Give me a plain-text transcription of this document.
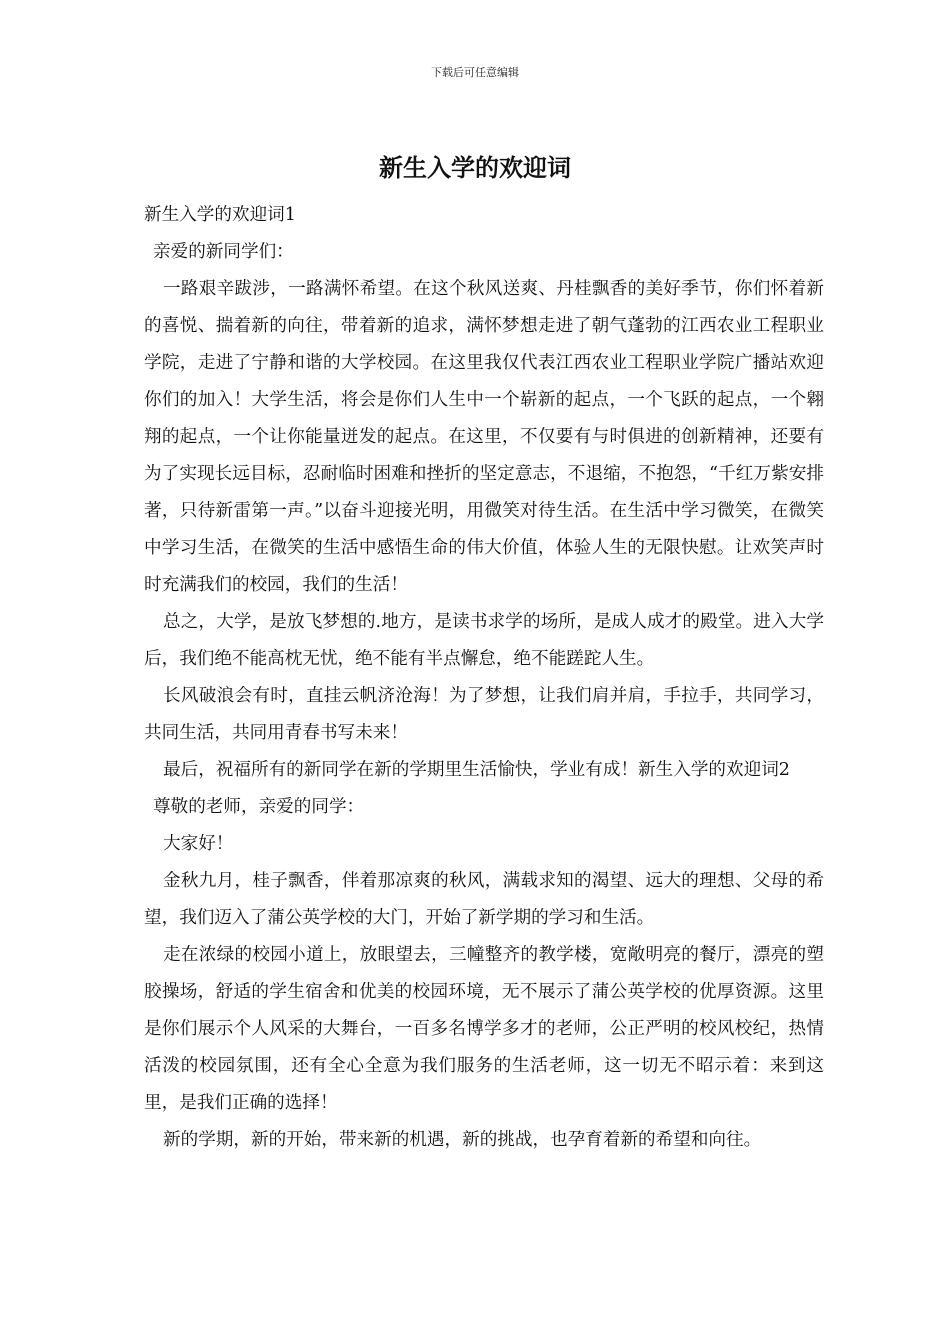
下载后可任意编辑
新生入学的欢迎词

新生入学的欢迎词1

亲爱的新同学们：

一路艰辛跋涉，一路满怀希望。在这个秋风送爽、丹桂飘香的美好季节，你们怀着新的喜悦、揣着新的向往，带着新的追求，满怀梦想走进了朝气蓬勃的江西农业工程职业学院，走进了宁静和谐的大学校园。在这里我仅代表江西农业工程职业学院广播站欢迎你们的加入！大学生活，将会是你们人生中一个崭新的起点，一个飞跃的起点，一个翱翔的起点，一个让你能量迸发的起点。在这里，不仅要有与时俱进的创新精神，还要有为了实现长远目标，忍耐临时困难和挫折的坚定意志，不退缩，不抱怨，“千红万紫安排著，只待新雷第一声。”以奋斗迎接光明，用微笑对待生活。在生活中学习微笑，在微笑中学习生活，在微笑的生活中感悟生命的伟大价值，体验人生的无限快慰。让欢笑声时时充满我们的校园，我们的生活！

总之，大学，是放飞梦想的.地方，是读书求学的场所，是成人成才的殿堂。进入大学后，我们绝不能高枕无忧，绝不能有半点懈怠，绝不能蹉跎人生。

长风破浪会有时，直挂云帆济沧海！为了梦想，让我们肩并肩，手拉手，共同学习，共同生活，共同用青春书写未来！

最后，祝福所有的新同学在新的学期里生活愉快，学业有成！新生入学的欢迎词2

尊敬的老师，亲爱的同学：

大家好！

金秋九月，桂子飘香，伴着那凉爽的秋风，满载求知的渴望、远大的理想、父母的希望，我们迈入了蒲公英学校的大门，开始了新学期的学习和生活。

走在浓绿的校园小道上，放眼望去，三幢整齐的教学楼，宽敞明亮的餐厅，漂亮的塑胶操场，舒适的学生宿舍和优美的校园环境，无不展示了蒲公英学校的优厚资源。这里是你们展示个人风采的大舞台，一百多名博学多才的老师，公正严明的校风校纪，热情活泼的校园氛围，还有全心全意为我们服务的生活老师，这一切无不昭示着：来到这里，是我们正确的选择！

新的学期，新的开始，带来新的机遇，新的挑战，也孕育着新的希望和向往。
